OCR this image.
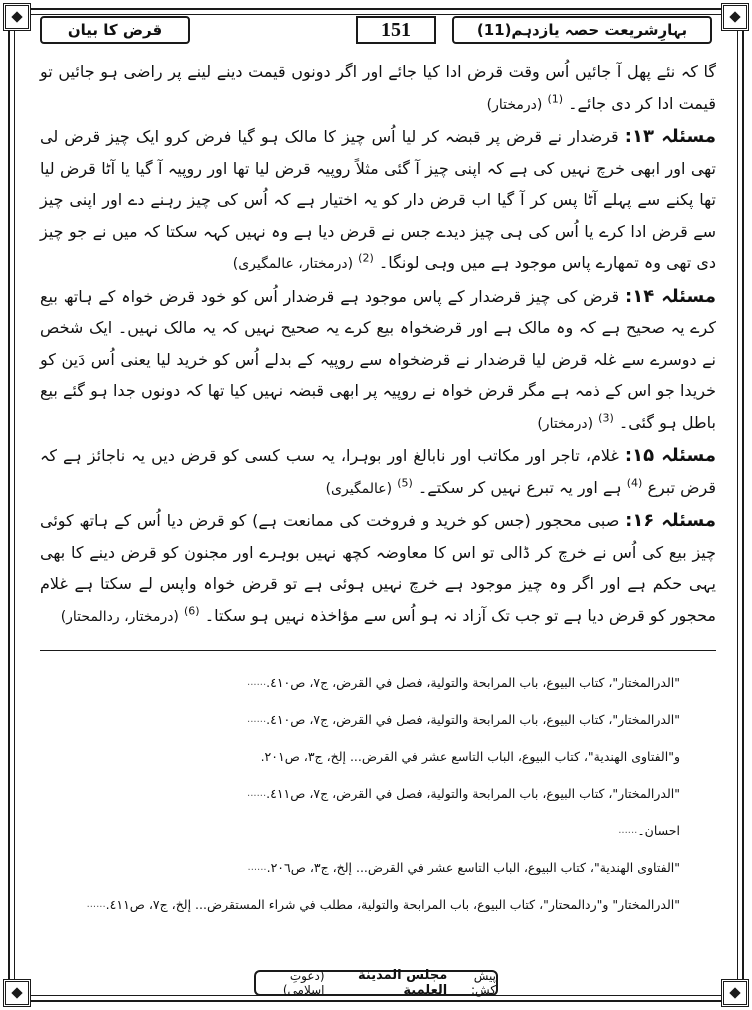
بہارِشریعت حصہ یازدہم(11)
151
قرض کا بیان

گا کہ نئے پھل آ جائیں اُس وقت قرض ادا کیا جائے اور اگر دونوں قیمت دینے لینے پر راضی ہو جائیں تو قیمت ادا کر دی جائے۔ $^{(1)}$ (درمختار)

مسئلہ ۱۳: قرضدار نے قرض پر قبضہ کر لیا اُس چیز کا مالک ہو گیا فرض کرو ایک چیز قرض لی تھی اور ابھی خرچ نہیں کی ہے کہ اپنی چیز آ گئی مثلاً روپیہ قرض لیا تھا اور روپیہ آ گیا یا آٹا قرض لیا تھا پکنے سے پہلے آٹا پس کر آ گیا اب قرض دار کو یہ اختیار ہے کہ اُس کی چیز رہنے دے اور اپنی چیز سے قرض ادا کرے یا اُس کی ہی چیز دیدے جس نے قرض دیا ہے وہ نہیں کہہ سکتا کہ میں نے جو چیز دی تھی وہ تمھارے پاس موجود ہے میں وہی لونگا۔ $^{(2)}$ (درمختار، عالمگیری)

مسئلہ ۱۴: قرض کی چیز قرضدار کے پاس موجود ہے قرضدار اُس کو خود قرض خواہ کے ہاتھ بیع کرے یہ صحیح ہے کہ وہ مالک ہے اور قرضخواہ بیع کرے یہ صحیح نہیں کہ یہ مالک نہیں۔ ایک شخص نے دوسرے سے غلہ قرض لیا قرضدار نے قرضخواہ سے روپیہ کے بدلے اُس کو خرید لیا یعنی اُس دَین کو خریدا جو اس کے ذمہ ہے مگر قرض خواہ نے روپیہ پر ابھی قبضہ نہیں کیا تھا کہ دونوں جدا ہو گئے بیع باطل ہو گئی۔ $^{(3)}$ (درمختار)

مسئلہ ۱۵: غلام، تاجر اور مکاتب اور نابالغ اور بوہرا، یہ سب کسی کو قرض دیں یہ ناجائز ہے کہ قرض تبرع $^{(4)}$ ہے اور یہ تبرع نہیں کر سکتے۔ $^{(5)}$ (عالمگیری)

مسئلہ ۱۶: صبی محجور (جس کو خرید و فروخت کی ممانعت ہے) کو قرض دیا اُس کے ہاتھ کوئی چیز بیع کی اُس نے خرچ کر ڈالی تو اس کا معاوضہ کچھ نہیں بوہرے اور مجنون کو قرض دینے کا بھی یہی حکم ہے اور اگر وہ چیز موجود ہے خرچ نہیں ہوئی ہے تو قرض خواہ واپس لے سکتا ہے غلام محجور کو قرض دیا ہے تو جب تک آزاد نہ ہو اُس سے مؤاخذہ نہیں ہو سکتا۔ $^{(6)}$ (درمختار، ردالمحتار)

"الدرالمختار"، كتاب البيوع، باب المرابحة والتولية، فصل في القرض، ج٧، ص٤١٠.
......
"الدرالمختار"، كتاب البيوع، باب المرابحة والتولية، فصل في القرض، ج٧، ص٤١٠.
......
و"الفتاوى الهندية"، كتاب البيوع، الباب التاسع عشر في القرض... إلخ، ج٣، ص٢٠١.
"الدرالمختار"، كتاب البيوع، باب المرابحة والتولية، فصل في القرض، ج٧، ص٤١١.
......
احسان۔
......
"الفتاوى الهندية"، كتاب البيوع، الباب التاسع عشر في القرض... إلخ، ج٣، ص٢٠٦.
......
"الدرالمختار" و"ردالمحتار"، كتاب البيوع، باب المرابحة والتولية، مطلب في شراء المستقرض... إلخ، ج٧، ص٤١١.
......
پیش کش:
مجلس المدينة العلمية
(دعوتِ اسلامی)
